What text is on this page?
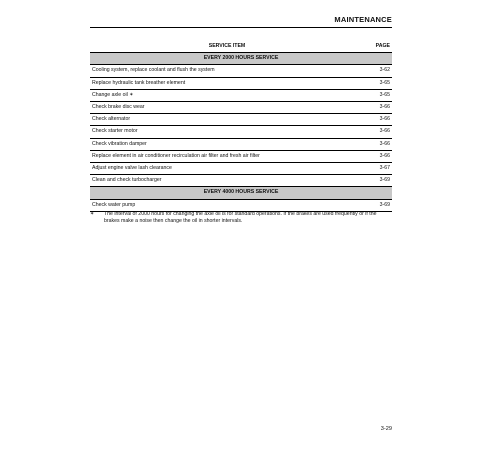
MAINTENANCE
SERVICE ITEM	PAGE
EVERY 2000 HOURS SERVICE	
Cooling system, replace coolant and flush the system	3-62
Replace hydraulic tank breather element	3-65
Change axle oil ✶	3-65
Check brake disc wear	3-66
Check alternator	3-66
Check starter motor	3-66
Check vibration damper	3-66
Replace element in air conditioner recirculation air filter and fresh air filter	3-66
Adjust engine valve lash clearance	3-67
Clean and check turbocharger	3-69
EVERY 4000 HOURS SERVICE	
Check water pump	3-69
✶	The interval of 2000 hours for changing the axle oil is for standard operations. If the brakes are used frequently or if the brakes make a noise then change the oil in shorter intervals.
3-29
